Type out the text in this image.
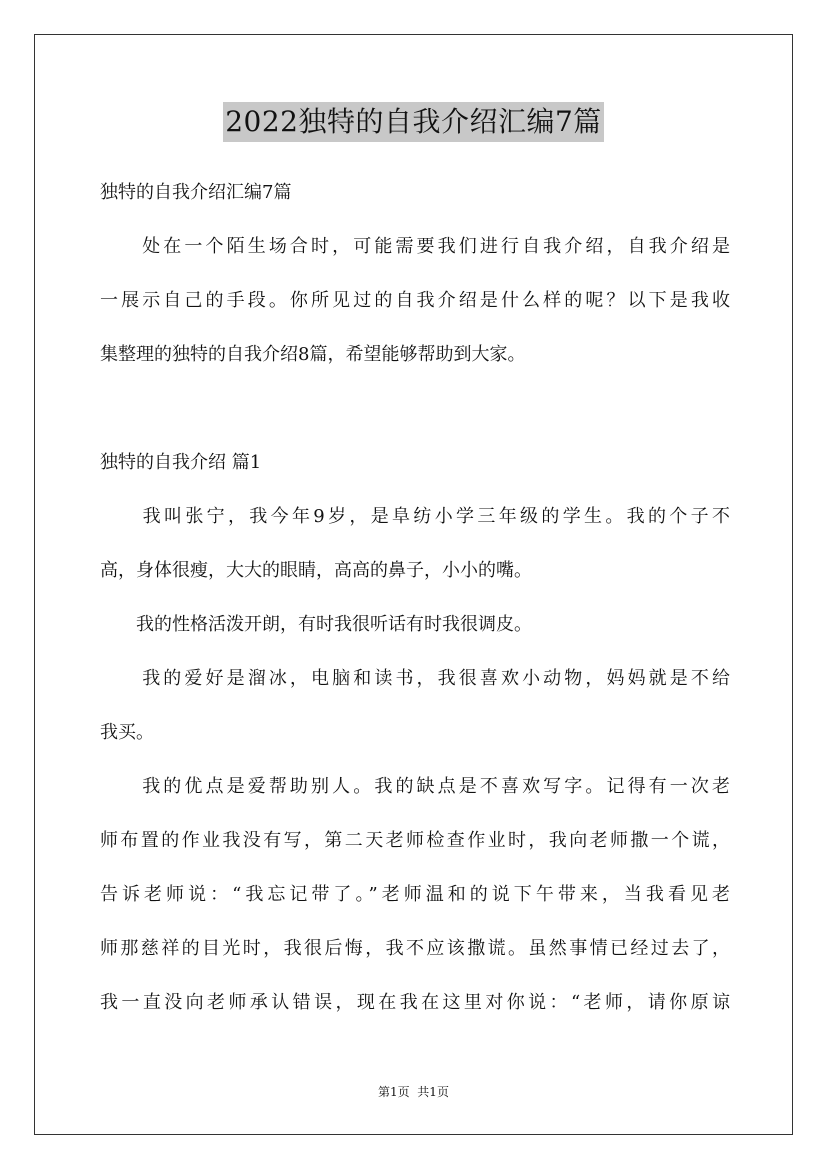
2022独特的自我介绍汇编7篇
独特的自我介绍汇编7篇
　　处在一个陌生场合时，可能需要我们进行自我介绍，自我介绍是
一展示自己的手段。你所见过的自我介绍是什么样的呢？以下是我收
集整理的独特的自我介绍8篇，希望能够帮助到大家。
独特的自我介绍 篇1
　　我叫张宁，我今年9岁，是阜纺小学三年级的学生。我的个子不
高，身体很瘦，大大的眼睛，高高的鼻子，小小的嘴。
　　我的性格活泼开朗，有时我很听话有时我很调皮。
　　我的爱好是溜冰，电脑和读书，我很喜欢小动物，妈妈就是不给
我买。
　　我的优点是爱帮助别人。我的缺点是不喜欢写字。记得有一次老
师布置的作业我没有写，第二天老师检查作业时，我向老师撒一个谎，
告诉老师说：“我忘记带了。”老师温和的说下午带来，当我看见老
师那慈祥的目光时，我很后悔，我不应该撒谎。虽然事情已经过去了，
我一直没向老师承认错误，现在我在这里对你说：“老师，请你原谅
第1页  共1页
